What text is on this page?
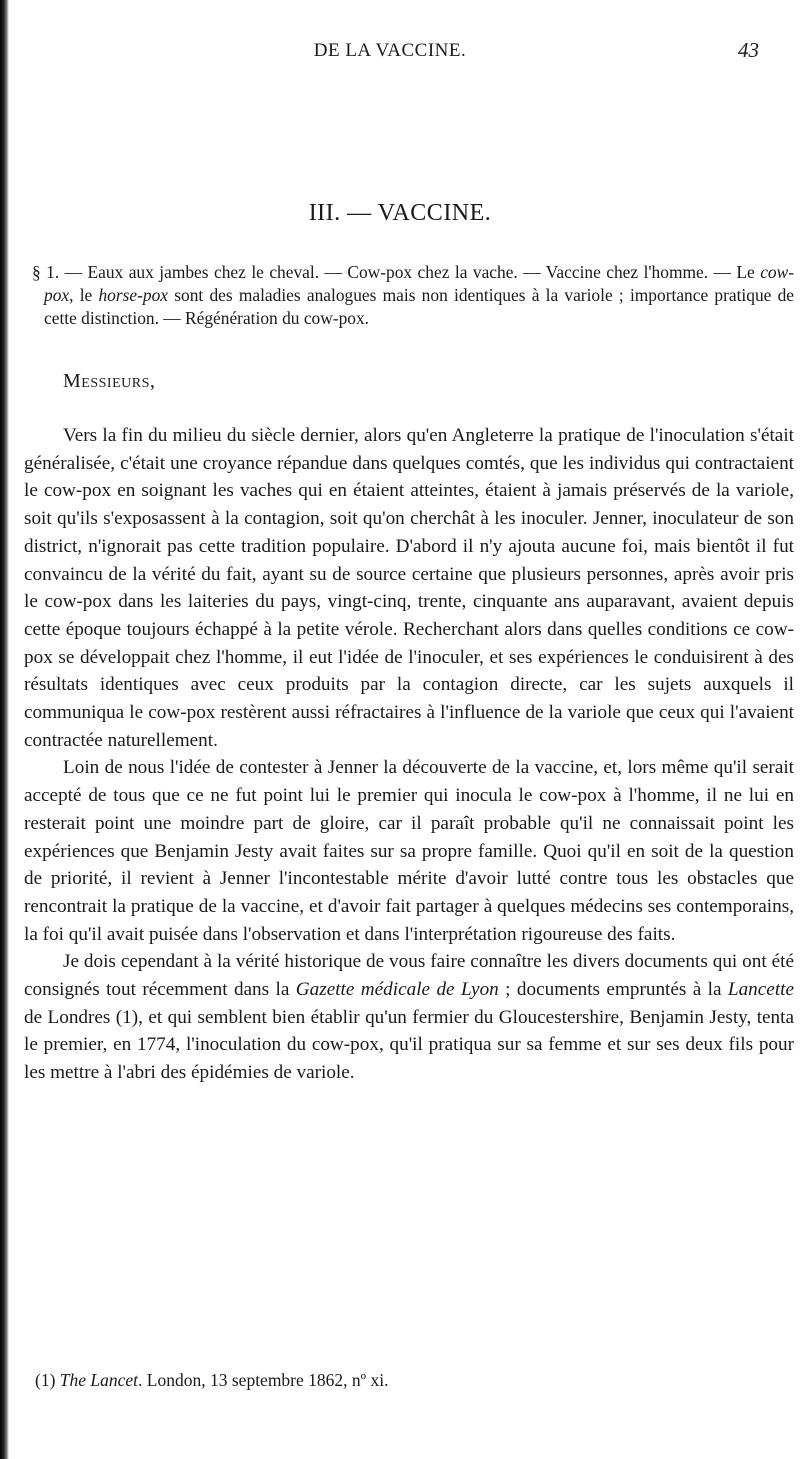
DE LA VACCINE.	43
III. — VACCINE.
§ 1. — Eaux aux jambes chez le cheval. — Cow-pox chez la vache. — Vaccine chez l'homme. — Le cow-pox, le horse-pox sont des maladies analogues mais non identiques à la variole ; importance pratique de cette distinction. — Régénération du cow-pox.
Messieurs,

Vers la fin du milieu du siècle dernier, alors qu'en Angleterre la pratique de l'inoculation s'était généralisée, c'était une croyance répandue dans quelques comtés, que les individus qui contractaient le cow-pox en soignant les vaches qui en étaient atteintes, étaient à jamais préservés de la variole, soit qu'ils s'exposassent à la contagion, soit qu'on cherchât à les inoculer. Jenner, inoculateur de son district, n'ignorait pas cette tradition populaire. D'abord il n'y ajouta aucune foi, mais bientôt il fut convaincu de la vérité du fait, ayant su de source certaine que plusieurs personnes, après avoir pris le cow-pox dans les laiteries du pays, vingt-cinq, trente, cinquante ans auparavant, avaient depuis cette époque toujours échappé à la petite vérole. Recherchant alors dans quelles conditions ce cow-pox se développait chez l'homme, il eut l'idée de l'inoculer, et ses expériences le conduisirent à des résultats identiques avec ceux produits par la contagion directe, car les sujets auxquels il communiqua le cow-pox restèrent aussi réfractaires à l'influence de la variole que ceux qui l'avaient contractée naturellement.

Loin de nous l'idée de contester à Jenner la découverte de la vaccine, et, lors même qu'il serait accepté de tous que ce ne fut point lui le premier qui inocula le cow-pox à l'homme, il ne lui en resterait point une moindre part de gloire, car il paraît probable qu'il ne connaissait point les expériences que Benjamin Jesty avait faites sur sa propre famille. Quoi qu'il en soit de la question de priorité, il revient à Jenner l'incontestable mérite d'avoir lutté contre tous les obstacles que rencontrait la pratique de la vaccine, et d'avoir fait partager à quelques médecins ses contemporains, la foi qu'il avait puisée dans l'observation et dans l'interprétation rigoureuse des faits.

Je dois cependant à la vérité historique de vous faire connaître les divers documents qui ont été consignés tout récemment dans la Gazette médicale de Lyon ; documents empruntés à la Lancette de Londres (1), et qui semblent bien établir qu'un fermier du Gloucestershire, Benjamin Jesty, tenta le premier, en 1774, l'inoculation du cow-pox, qu'il pratiqua sur sa femme et sur ses deux fils pour les mettre à l'abri des épidémies de variole.

(1) The Lancet. London, 13 septembre 1862, nº xi.
